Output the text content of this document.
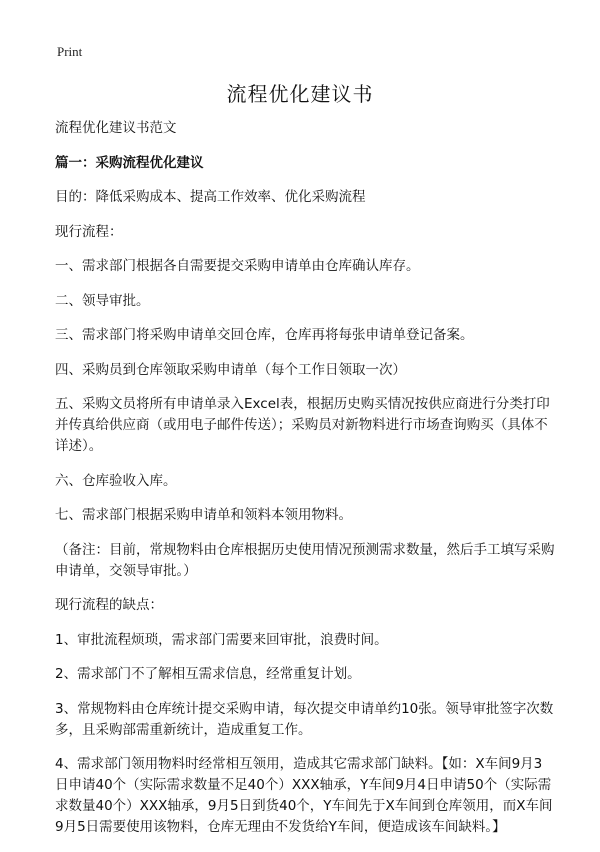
Print
流程优化建议书

流程优化建议书范文

篇一：采购流程优化建议

目的：降低采购成本、提高工作效率、优化采购流程

现行流程：

一、需求部门根据各自需要提交采购申请单由仓库确认库存。

二、领导审批。

三、需求部门将采购申请单交回仓库，仓库再将每张申请单登记备案。

四、采购员到仓库领取采购申请单（每个工作日领取一次）

五、采购文员将所有申请单录入Excel表，根据历史购买情况按供应商进行分类打印并传真给供应商（或用电子邮件传送）；采购员对新物料进行市场查询购买（具体不详述）。

六、仓库验收入库。

七、需求部门根据采购申请单和领料本领用物料。

（备注：目前，常规物料由仓库根据历史使用情况预测需求数量，然后手工填写采购申请单，交领导审批。）

现行流程的缺点：

1、审批流程烦琐，需求部门需要来回审批，浪费时间。

2、需求部门不了解相互需求信息，经常重复计划。

3、常规物料由仓库统计提交采购申请，每次提交申请单约10张。领导审批签字次数多，且采购部需重新统计，造成重复工作。

4、需求部门领用物料时经常相互领用，造成其它需求部门缺料。【如：X车间9月3日申请40个（实际需求数量不足40个）XXX轴承，Y车间9月4日申请50个（实际需求数量40个）XXX轴承，9月5日到货40个，Y车间先于X车间到仓库领用，而X车间9月5日需要使用该物料，仓库无理由不发货给Y车间，便造成该车间缺料。】
